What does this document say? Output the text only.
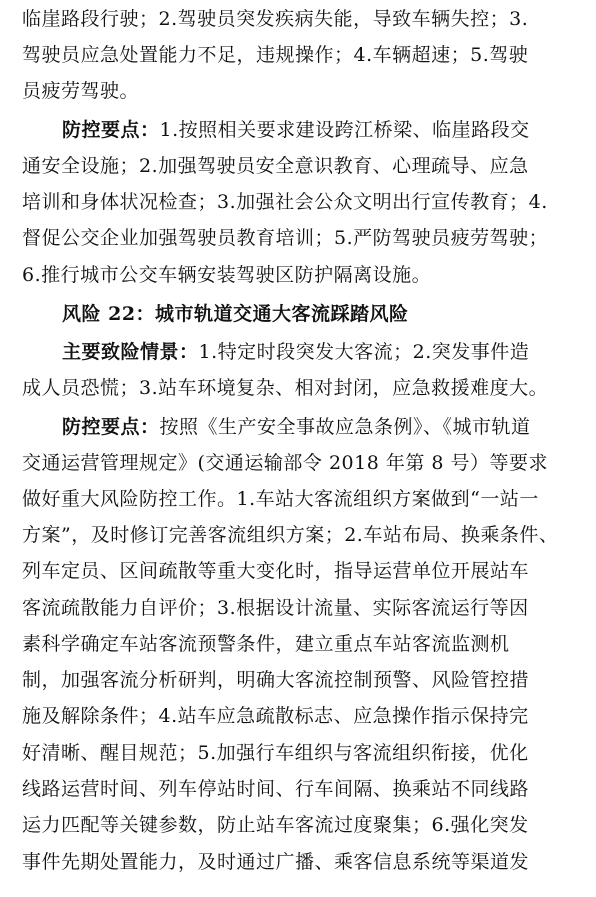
临崖路段行驶；2.驾驶员突发疾病失能，导致车辆失控；3.
驾驶员应急处置能力不足，违规操作；4.车辆超速；5.驾驶
员疲劳驾驶。
防控要点：1.按照相关要求建设跨江桥梁、临崖路段交
通安全设施；2.加强驾驶员安全意识教育、心理疏导、应急
培训和身体状况检查；3.加强社会公众文明出行宣传教育；4.
督促公交企业加强驾驶员教育培训；5.严防驾驶员疲劳驾驶；
6.推行城市公交车辆安装驾驶区防护隔离设施。
风险 22：城市轨道交通大客流踩踏风险
主要致险情景：1.特定时段突发大客流；2.突发事件造
成人员恐慌；3.站车环境复杂、相对封闭，应急救援难度大。
防控要点：按照《生产安全事故应急条例》、《城市轨道
交通运营管理规定》(交通运输部令 2018 年第 8 号）等要求
做好重大风险防控工作。1.车站大客流组织方案做到“一站一
方案”，及时修订完善客流组织方案；2.车站布局、换乘条件、
列车定员、区间疏散等重大变化时，指导运营单位开展站车
客流疏散能力自评价；3.根据设计流量、实际客流运行等因
素科学确定车站客流预警条件，建立重点车站客流监测机
制，加强客流分析研判，明确大客流控制预警、风险管控措
施及解除条件；4.站车应急疏散标志、应急操作指示保持完
好清晰、醒目规范；5.加强行车组织与客流组织衔接，优化
线路运营时间、列车停站时间、行车间隔、换乘站不同线路
运力匹配等关键参数，防止站车客流过度聚集；6.强化突发
事件先期处置能力，及时通过广播、乘客信息系统等渠道发
